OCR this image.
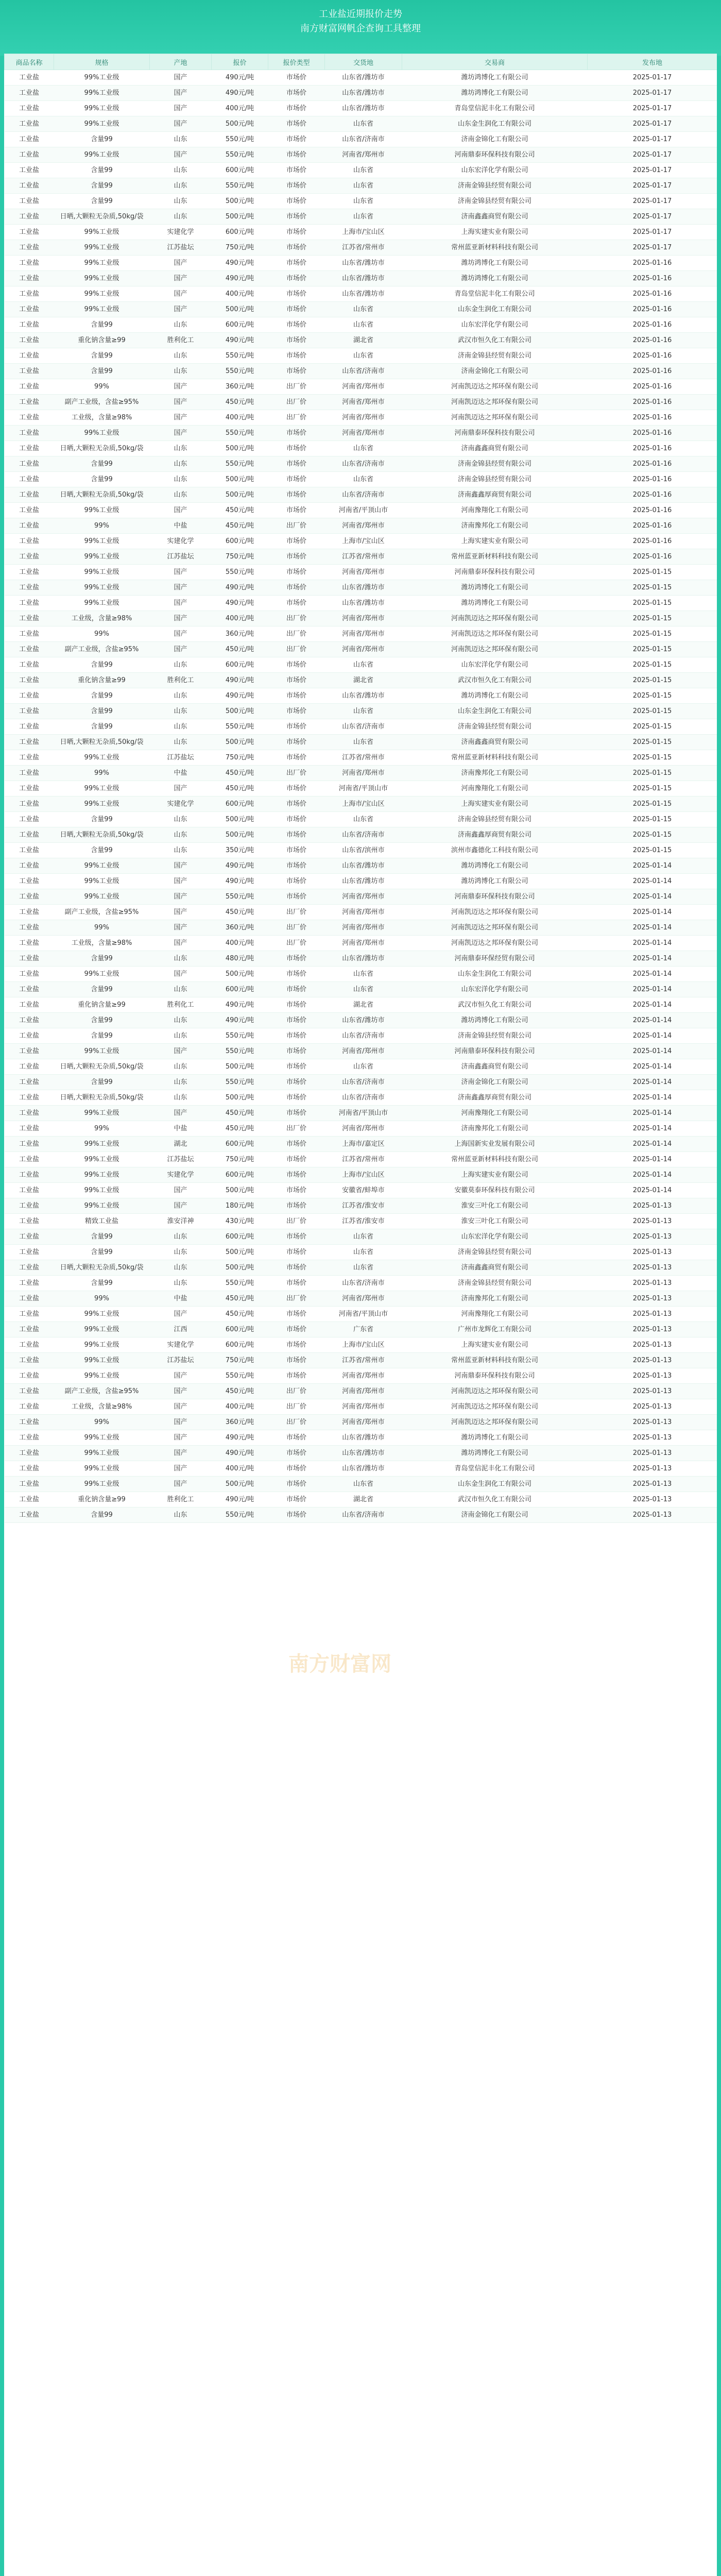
工业盐近期报价走势
南方财富网帆企查询工具整理
商品名称	规格	产地	报价	报价类型	交货地	交易商	发布地
工业盐	99%工业级	国产	490元/吨	市场价	山东省/潍坊市	潍坊鸿博化工有限公司	2025-01-17
工业盐	99%工业级	国产	490元/吨	市场价	山东省/潍坊市	潍坊鸿博化工有限公司	2025-01-17
工业盐	99%工业级	国产	400元/吨	市场价	山东省/潍坊市	青岛堂信泥丰化工有限公司	2025-01-17
工业盐	99%工业级	国产	500元/吨	市场价	山东省	山东金生润化工有限公司	2025-01-17
工业盐	含量99	山东	550元/吨	市场价	山东省/济南市	济南金锦化工有限公司	2025-01-17
工业盐	99%工业级	国产	550元/吨	市场价	河南省/郑州市	河南鼎泰环保科技有限公司	2025-01-17
工业盐	含量99	山东	600元/吨	市场价	山东省	山东宏洋化学有限公司	2025-01-17
工业盐	含量99	山东	550元/吨	市场价	山东省	济南金锦县经贸有限公司	2025-01-17
工业盐	含量99	山东	500元/吨	市场价	山东省	济南金锦县经贸有限公司	2025-01-17
工业盐	日晒,大颗粒无杂质,50kg/袋	山东	500元/吨	市场价	山东省	济南鑫鑫商贸有限公司	2025-01-17
工业盐	99%工业级	实建化学	600元/吨	市场价	上海市/宝山区	上海实建实业有限公司	2025-01-17
工业盐	99%工业级	江苏盐坛	750元/吨	市场价	江苏省/常州市	常州蓝亚新材料科技有限公司	2025-01-17
工业盐	99%工业级	国产	490元/吨	市场价	山东省/潍坊市	潍坊鸿博化工有限公司	2025-01-16
工业盐	99%工业级	国产	490元/吨	市场价	山东省/潍坊市	潍坊鸿博化工有限公司	2025-01-16
工业盐	99%工业级	国产	400元/吨	市场价	山东省/潍坊市	青岛堂信泥丰化工有限公司	2025-01-16
工业盐	99%工业级	国产	500元/吨	市场价	山东省	山东金生润化工有限公司	2025-01-16
工业盐	含量99	山东	600元/吨	市场价	山东省	山东宏洋化学有限公司	2025-01-16
工业盐	重化钠含量≥99	胜利化工	490元/吨	市场价	湖北省	武汉市恒久化工有限公司	2025-01-16
工业盐	含量99	山东	550元/吨	市场价	山东省	济南金锦县经贸有限公司	2025-01-16
工业盐	含量99	山东	550元/吨	市场价	山东省/济南市	济南金锦化工有限公司	2025-01-16
工业盐	99%	国产	360元/吨	出厂价	河南省/郑州市	河南凯迈达之邦环保有限公司	2025-01-16
工业盐	副产工业级，含盐≥95%	国产	450元/吨	出厂价	河南省/郑州市	河南凯迈达之邦环保有限公司	2025-01-16
工业盐	工业级，含量≥98%	国产	400元/吨	出厂价	河南省/郑州市	河南凯迈达之邦环保有限公司	2025-01-16
工业盐	99%工业级	国产	550元/吨	市场价	河南省/郑州市	河南鼎泰环保科技有限公司	2025-01-16
工业盐	日晒,大颗粒无杂质,50kg/袋	山东	500元/吨	市场价	山东省	济南鑫鑫商贸有限公司	2025-01-16
工业盐	含量99	山东	550元/吨	市场价	山东省/济南市	济南金锦县经贸有限公司	2025-01-16
工业盐	含量99	山东	500元/吨	市场价	山东省	济南金锦县经贸有限公司	2025-01-16
工业盐	日晒,大颗粒无杂质,50kg/袋	山东	500元/吨	市场价	山东省/济南市	济南鑫鑫厚商贸有限公司	2025-01-16
工业盐	99%工业级	国产	450元/吨	市场价	河南省/平顶山市	河南豫翔化工有限公司	2025-01-16
工业盐	99%	中盐	450元/吨	出厂价	河南省/郑州市	济南豫邦化工有限公司	2025-01-16
工业盐	99%工业级	实建化学	600元/吨	市场价	上海市/宝山区	上海实建实业有限公司	2025-01-16
工业盐	99%工业级	江苏盐坛	750元/吨	市场价	江苏省/常州市	常州蓝亚新材料科技有限公司	2025-01-16
工业盐	99%工业级	国产	550元/吨	市场价	河南省/郑州市	河南鼎泰环保科技有限公司	2025-01-15
工业盐	99%工业级	国产	490元/吨	市场价	山东省/潍坊市	潍坊鸿博化工有限公司	2025-01-15
工业盐	99%工业级	国产	490元/吨	市场价	山东省/潍坊市	潍坊鸿博化工有限公司	2025-01-15
工业盐	工业级，含量≥98%	国产	400元/吨	出厂价	河南省/郑州市	河南凯迈达之邦环保有限公司	2025-01-15
工业盐	99%	国产	360元/吨	出厂价	河南省/郑州市	河南凯迈达之邦环保有限公司	2025-01-15
工业盐	副产工业级，含盐≥95%	国产	450元/吨	出厂价	河南省/郑州市	河南凯迈达之邦环保有限公司	2025-01-15
工业盐	含量99	山东	600元/吨	市场价	山东省	山东宏洋化学有限公司	2025-01-15
工业盐	重化钠含量≥99	胜利化工	490元/吨	市场价	湖北省	武汉市恒久化工有限公司	2025-01-15
工业盐	含量99	山东	490元/吨	市场价	山东省/潍坊市	潍坊鸿博化工有限公司	2025-01-15
工业盐	含量99	山东	500元/吨	市场价	山东省	山东金生润化工有限公司	2025-01-15
工业盐	含量99	山东	550元/吨	市场价	山东省/济南市	济南金锦县经贸有限公司	2025-01-15
工业盐	日晒,大颗粒无杂质,50kg/袋	山东	500元/吨	市场价	山东省	济南鑫鑫商贸有限公司	2025-01-15
工业盐	99%工业级	江苏盐坛	750元/吨	市场价	江苏省/常州市	常州蓝亚新材料科技有限公司	2025-01-15
工业盐	99%	中盐	450元/吨	出厂价	河南省/郑州市	济南豫邦化工有限公司	2025-01-15
工业盐	99%工业级	国产	450元/吨	市场价	河南省/平顶山市	河南豫翔化工有限公司	2025-01-15
工业盐	99%工业级	实建化学	600元/吨	市场价	上海市/宝山区	上海实建实业有限公司	2025-01-15
工业盐	含量99	山东	500元/吨	市场价	山东省	济南金锦县经贸有限公司	2025-01-15
工业盐	日晒,大颗粒无杂质,50kg/袋	山东	500元/吨	市场价	山东省/济南市	济南鑫鑫厚商贸有限公司	2025-01-15
工业盐	含量99	山东	350元/吨	市场价	山东省/滨州市	滨州市鑫德化工科技有限公司	2025-01-15
工业盐	99%工业级	国产	490元/吨	市场价	山东省/潍坊市	潍坊鸿博化工有限公司	2025-01-14
工业盐	99%工业级	国产	490元/吨	市场价	山东省/潍坊市	潍坊鸿博化工有限公司	2025-01-14
工业盐	99%工业级	国产	550元/吨	市场价	河南省/郑州市	河南鼎泰环保科技有限公司	2025-01-14
工业盐	副产工业级，含盐≥95%	国产	450元/吨	出厂价	河南省/郑州市	河南凯迈达之邦环保有限公司	2025-01-14
工业盐	99%	国产	360元/吨	出厂价	河南省/郑州市	河南凯迈达之邦环保有限公司	2025-01-14
工业盐	工业级，含量≥98%	国产	400元/吨	出厂价	河南省/郑州市	河南凯迈达之邦环保有限公司	2025-01-14
工业盐	含量99	山东	480元/吨	市场价	山东省/潍坊市	河南鼎泰环保经贸有限公司	2025-01-14
工业盐	99%工业级	国产	500元/吨	市场价	山东省	山东金生润化工有限公司	2025-01-14
工业盐	含量99	山东	600元/吨	市场价	山东省	山东宏洋化学有限公司	2025-01-14
工业盐	重化钠含量≥99	胜利化工	490元/吨	市场价	湖北省	武汉市恒久化工有限公司	2025-01-14
工业盐	含量99	山东	490元/吨	市场价	山东省/潍坊市	潍坊鸿博化工有限公司	2025-01-14
工业盐	含量99	山东	550元/吨	市场价	山东省/济南市	济南金锦县经贸有限公司	2025-01-14
工业盐	99%工业级	国产	550元/吨	市场价	河南省/郑州市	河南鼎泰环保科技有限公司	2025-01-14
工业盐	日晒,大颗粒无杂质,50kg/袋	山东	500元/吨	市场价	山东省	济南鑫鑫商贸有限公司	2025-01-14
工业盐	含量99	山东	550元/吨	市场价	山东省/济南市	济南金锦化工有限公司	2025-01-14
工业盐	日晒,大颗粒无杂质,50kg/袋	山东	500元/吨	市场价	山东省/济南市	济南鑫鑫厚商贸有限公司	2025-01-14
工业盐	99%工业级	国产	450元/吨	市场价	河南省/平顶山市	河南豫翔化工有限公司	2025-01-14
工业盐	99%	中盐	450元/吨	出厂价	河南省/郑州市	济南豫邦化工有限公司	2025-01-14
工业盐	99%工业级	湖北	600元/吨	市场价	上海市/嘉定区	上海国新实业发展有限公司	2025-01-14
工业盐	99%工业级	江苏盐坛	750元/吨	市场价	江苏省/常州市	常州蓝亚新材料科技有限公司	2025-01-14
工业盐	99%工业级	实建化学	600元/吨	市场价	上海市/宝山区	上海实建实业有限公司	2025-01-14
工业盐	99%工业级	国产	500元/吨	市场价	安徽省/蚌埠市	安徽莫泰环保科技有限公司	2025-01-14
工业盐	99%工业级	国产	180元/吨	市场价	江苏省/淮安市	淮安三叶化工有限公司	2025-01-13
工业盐	精致工业盐	淮安洋神	430元/吨	出厂价	江苏省/淮安市	淮安三叶化工有限公司	2025-01-13
工业盐	含量99	山东	600元/吨	市场价	山东省	山东宏洋化学有限公司	2025-01-13
工业盐	含量99	山东	500元/吨	市场价	山东省	济南金锦县经贸有限公司	2025-01-13
工业盐	日晒,大颗粒无杂质,50kg/袋	山东	500元/吨	市场价	山东省	济南鑫鑫商贸有限公司	2025-01-13
工业盐	含量99	山东	550元/吨	市场价	山东省/济南市	济南金锦县经贸有限公司	2025-01-13
工业盐	99%	中盐	450元/吨	出厂价	河南省/郑州市	济南豫邦化工有限公司	2025-01-13
工业盐	99%工业级	国产	450元/吨	市场价	河南省/平顶山市	河南豫翔化工有限公司	2025-01-13
工业盐	99%工业级	江西	600元/吨	市场价	广东省	广州市龙辉化工有限公司	2025-01-13
工业盐	99%工业级	实建化学	600元/吨	市场价	上海市/宝山区	上海实建实业有限公司	2025-01-13
工业盐	99%工业级	江苏盐坛	750元/吨	市场价	江苏省/常州市	常州蓝亚新材料科技有限公司	2025-01-13
工业盐	99%工业级	国产	550元/吨	市场价	河南省/郑州市	河南鼎泰环保科技有限公司	2025-01-13
工业盐	副产工业级，含盐≥95%	国产	450元/吨	出厂价	河南省/郑州市	河南凯迈达之邦环保有限公司	2025-01-13
工业盐	工业级，含量≥98%	国产	400元/吨	出厂价	河南省/郑州市	河南凯迈达之邦环保有限公司	2025-01-13
工业盐	99%	国产	360元/吨	出厂价	河南省/郑州市	河南凯迈达之邦环保有限公司	2025-01-13
工业盐	99%工业级	国产	490元/吨	市场价	山东省/潍坊市	潍坊鸿博化工有限公司	2025-01-13
工业盐	99%工业级	国产	490元/吨	市场价	山东省/潍坊市	潍坊鸿博化工有限公司	2025-01-13
工业盐	99%工业级	国产	400元/吨	市场价	山东省/潍坊市	青岛堂信泥丰化工有限公司	2025-01-13
工业盐	99%工业级	国产	500元/吨	市场价	山东省	山东金生润化工有限公司	2025-01-13
工业盐	重化钠含量≥99	胜利化工	490元/吨	市场价	湖北省	武汉市恒久化工有限公司	2025-01-13
工业盐	含量99	山东	550元/吨	市场价	山东省/济南市	济南金锦化工有限公司	2025-01-13
南方财富网
